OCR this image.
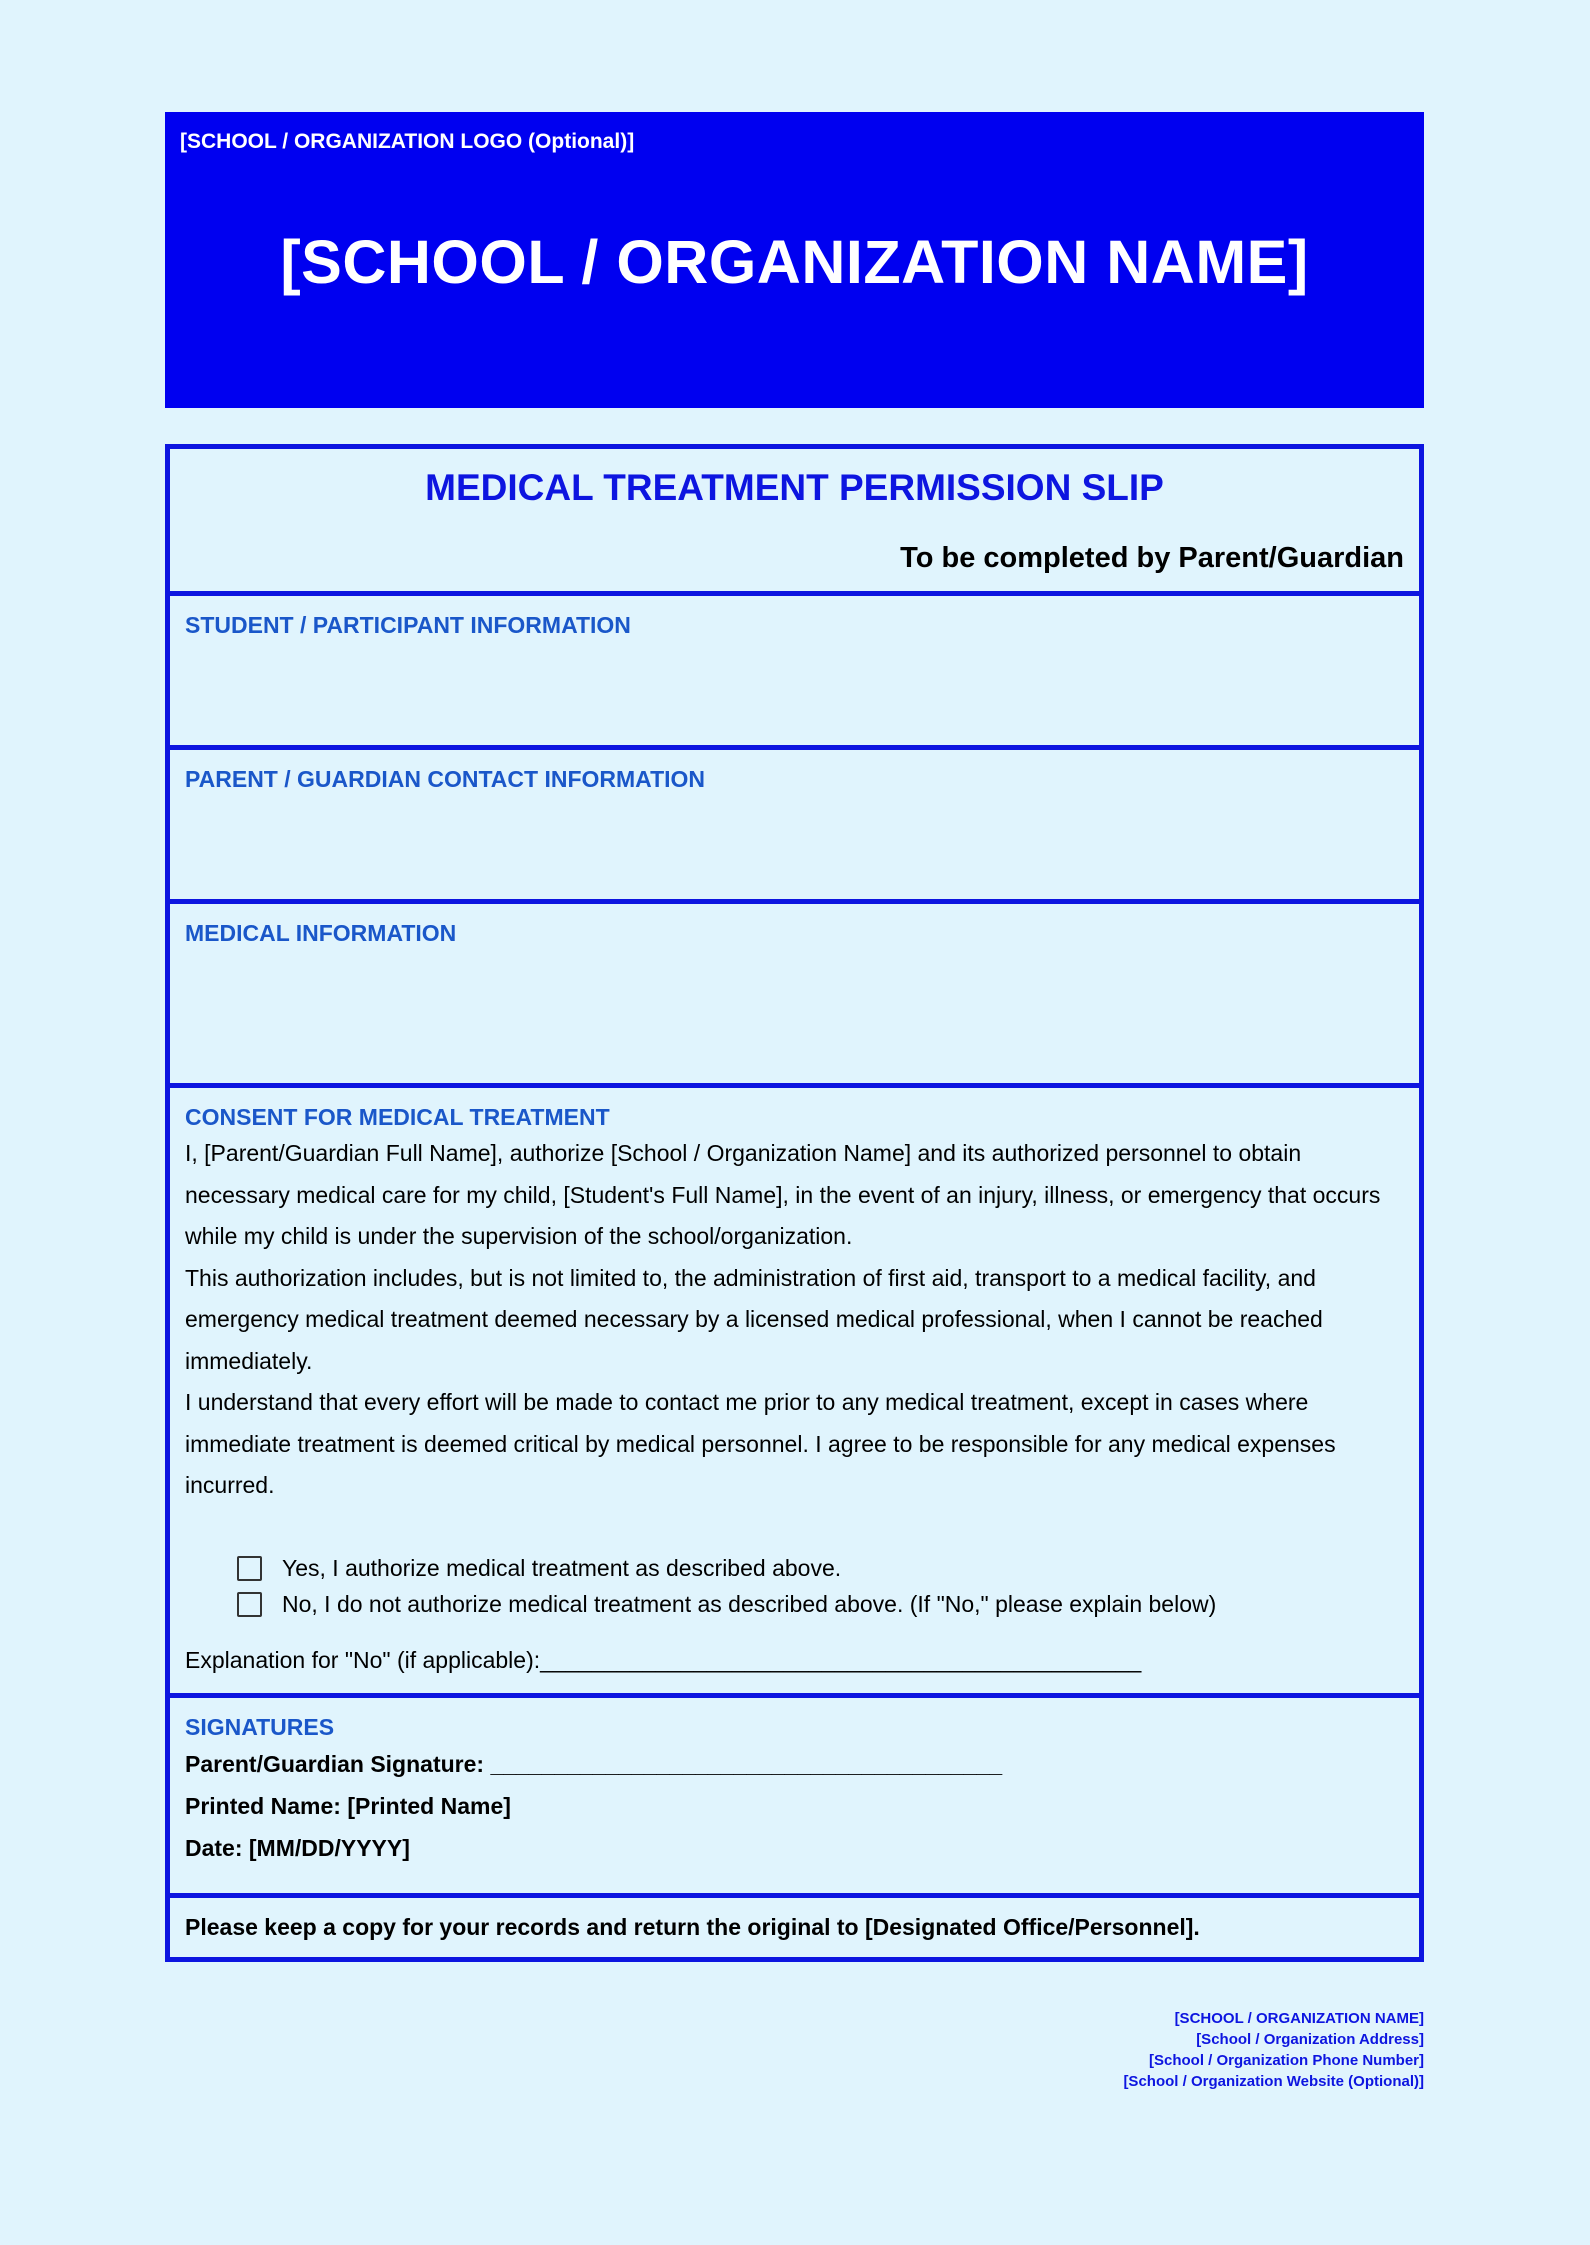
[SCHOOL / ORGANIZATION LOGO (Optional)]
[SCHOOL / ORGANIZATION NAME]
MEDICAL TREATMENT PERMISSION SLIP
To be completed by Parent/Guardian
STUDENT / PARTICIPANT INFORMATION
PARENT / GUARDIAN CONTACT INFORMATION
MEDICAL INFORMATION
CONSENT FOR MEDICAL TREATMENT

I, [Parent/Guardian Full Name], authorize [School / Organization Name] and its authorized personnel to obtain necessary medical care for my child, [Student's Full Name], in the event of an injury, illness, or emergency that occurs while my child is under the supervision of the school/organization.

This authorization includes, but is not limited to, the administration of first aid, transport to a medical facility, and emergency medical treatment deemed necessary by a licensed medical professional, when I cannot be reached immediately.

I understand that every effort will be made to contact me prior to any medical treatment, except in cases where immediate treatment is deemed critical by medical personnel. I agree to be responsible for any medical expenses incurred.

Yes, I authorize medical treatment as described above.
No, I do not authorize medical treatment as described above. (If "No," please explain below)
Explanation for "No" (if applicable):_______________________________________________
SIGNATURES
Parent/Guardian Signature: ________________________________________
Printed Name: [Printed Name]
Date: [MM/DD/YYYY]
Please keep a copy for your records and return the original to [Designated Office/Personnel].
[SCHOOL / ORGANIZATION NAME]
[School / Organization Address]
[School / Organization Phone Number]
[School / Organization Website (Optional)]
